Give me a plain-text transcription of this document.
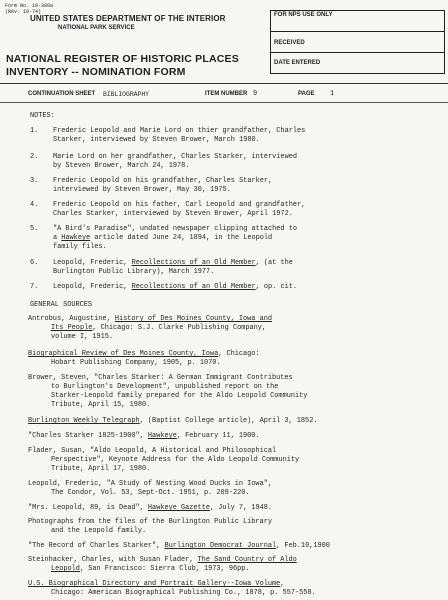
Form No. 10-300a
(Rev. 10-74)
UNITED STATES DEPARTMENT OF THE INTERIOR
NATIONAL PARK SERVICE
NATIONAL REGISTER OF HISTORIC PLACES
INVENTORY -- NOMINATION FORM
FOR NPS USE ONLY
RECEIVED
DATE ENTERED
CONTINUATION SHEET BIBLIOGRAPHY	ITEM NUMBER 9	PAGE 1
NOTES:
1. Frederic Leopold and Marie Lord on thier grandfather, Charles
Starker, interviewed by Steven Brower, March 1980.
2. Marie Lord on her grandfather, Charles Starker, interviewed
by Steven Brower, March 24, 1978.
3. Frederic Leopold on his grandfather, Charles Starker,
interviewed by Steven Brower, May 30, 1975.
4. Frederic Leopold on his father, Carl Leopold and grandfather,
Charles Starker, interviewed by Steven Brower, April 1972.
5. "A Bird's Paradise", undated newspaper clipping attached to
a Hawkeye article dated June 24, 1894, in the Leopold
family files.
6. Leopold, Frederic, Recollections of an Old Member, (at the
Burlington Public Library), March 1977.
7. Leopold, Frederic, Recollections of an Old Member, op. cit.
GENERAL SOURCES
Antrobus, Augustine, History of Des Moines County, Iowa and
Its People, Chicago: S.J. Clarke Publishing Company,
volume I, 1915.
Biographical Review of Des Moines County, Iowa, Chicago:
Hobart Publishing Company, 1905, p. 1070.
Brower, Steven, "Charles Starker: A German Immigrant Contributes
to Burlington's Development", unpublished report on the
Starker-Leopold family prepared for the Aldo Leopold Community
Tribute, April 15, 1980.
Burlington Weekly Telegraph, (Baptist College article), April 3, 1852.
"Charles Starker 1825-1900", Hawkeye, February 11, 1900.
Flader, Susan, "Aldo Leopold, A Historical and Philosophical
Perspective", Keynote Address for the Aldo Leopold Community
Tribute, April 17, 1980.
Leopold, Frederic, "A Study of Nesting Wood Ducks in Iowa",
The Condor, Vol. 53, Sept-Oct. 1951, p. 209-220.
"Mrs. Leopold, 89, is Dead", Hawkeye Gazette, July 7, 1948.
Photographs from the files of the Burlington Public Library
and the Leopold family.
"The Record of Charles Starker", Burlington Democrat Journal, Feb.10,1900
Steinhacker, Charles, with Susan Flader, The Sand Country of Aldo
Leopold, San Francisco: Sierra Club, 1973, 96pp.
U.S. Biographical Directory and Portrait Gallery--Iowa Volume,
Chicago: American Biographical Publishing Co., 1878, p. 557-558.
